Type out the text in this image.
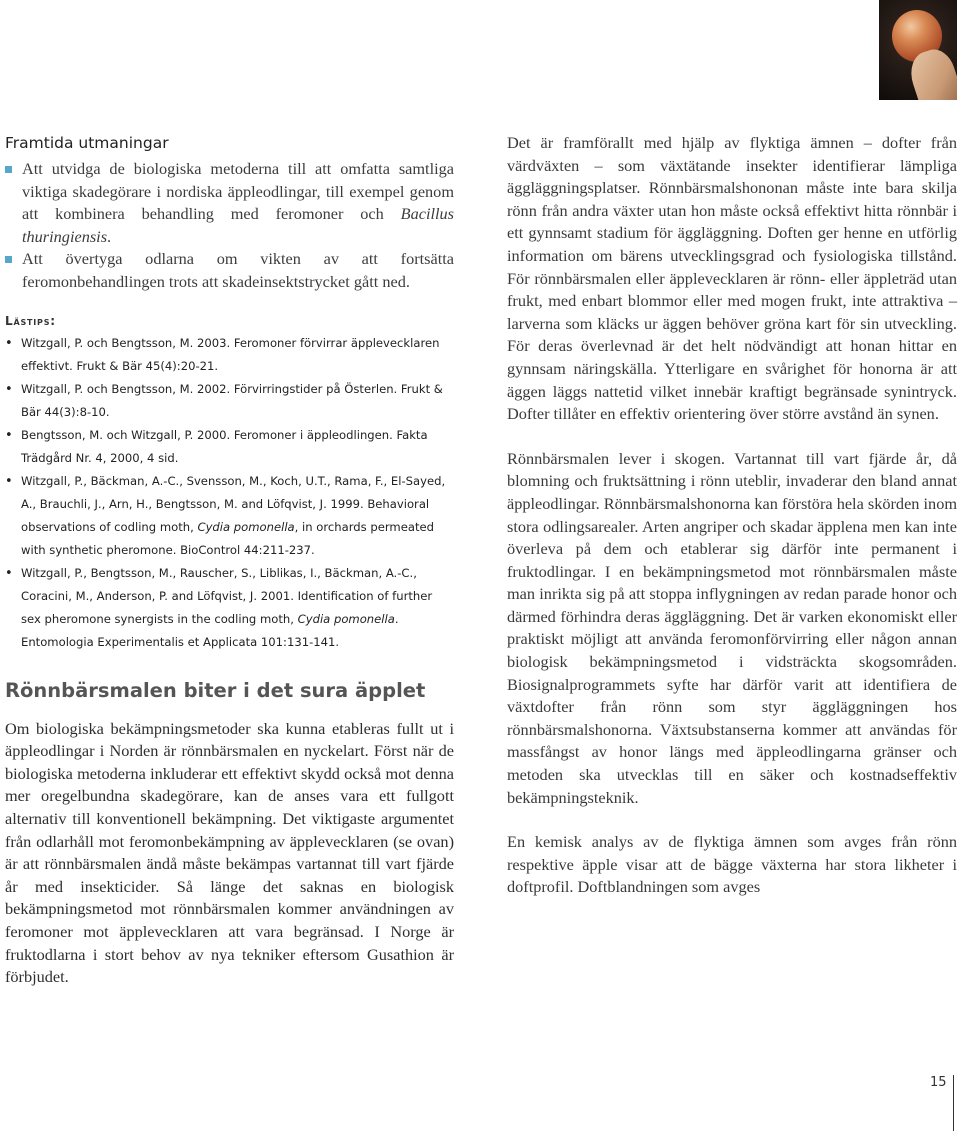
Framtida utmaningar
Att utvidga de biologiska metoderna till att omfatta samtliga viktiga skadegörare i nordiska äppleodlingar, till exempel genom att kombinera behandling med feromoner och Bacillus thuringiensis.
Att övertyga odlarna om vikten av att fortsätta feromonbehandlingen trots att skadeinsektstrycket gått ned.
Lästips:
• Witzgall, P. och Bengtsson, M. 2003. Feromoner förvirrar äpplevecklaren effektivt. Frukt & Bär 45(4):20-21.
• Witzgall, P. och Bengtsson, M. 2002. Förvirringstider på Österlen. Frukt & Bär 44(3):8-10.
• Bengtsson, M. och Witzgall, P. 2000. Feromoner i äppleodlingen. Fakta Trädgård Nr. 4, 2000, 4 sid.
• Witzgall, P., Bäckman, A.-C., Svensson, M., Koch, U.T., Rama, F., El-Sayed, A., Brauchli, J., Arn, H., Bengtsson, M. and Löfqvist, J. 1999. Behavioral observations of codling moth, Cydia pomonella, in orchards permeated with synthetic pheromone. BioControl 44:211-237.
• Witzgall, P., Bengtsson, M., Rauscher, S., Liblikas, I., Bäckman, A.-C., Coracini, M., Anderson, P. and Löfqvist, J. 2001. Identification of further sex pheromone synergists in the codling moth, Cydia pomonella. Entomologia Experimentalis et Applicata 101:131-141.
Rönnbärsmalen biter i det sura äpplet

Om biologiska bekämpningsmetoder ska kunna etableras fullt ut i äppleodlingar i Norden är rönnbärsmalen en nyckelart. Först när de biologiska metoderna inkluderar ett effektivt skydd också mot denna mer oregelbundna skadegörare, kan de anses vara ett fullgott alternativ till konventionell bekämpning. Det viktigaste argumentet från odlarhåll mot feromonbekämpning av äpplevecklaren (se ovan) är att rönnbärsmalen ändå måste bekämpas vartannat till vart fjärde år med insekticider. Så länge det saknas en biologisk bekämpningsmetod mot rönnbärsmalen kommer användningen av feromoner mot äpplevecklaren att vara begränsad. I Norge är fruktodlarna i stort behov av nya tekniker eftersom Gusathion är förbjudet.

Det är framförallt med hjälp av flyktiga ämnen – dofter från värdväxten – som växtätande insekter identifierar lämpliga äggläggningsplatser. Rönnbärsmalshononan måste inte bara skilja rönn från andra växter utan hon måste också effektivt hitta rönnbär i ett gynnsamt stadium för äggläggning. Doften ger henne en utförlig information om bärens utvecklingsgrad och fysiologiska tillstånd. För rönnbärsmalen eller äpplevecklaren är rönn- eller äppleträd utan frukt, med enbart blommor eller med mogen frukt, inte attraktiva – larverna som kläcks ur äggen behöver gröna kart för sin utveckling. För deras överlevnad är det helt nödvändigt att honan hittar en gynnsam näringskälla. Ytterligare en svårighet för honorna är att äggen läggs nattetid vilket innebär kraftigt begränsade synintryck. Dofter tillåter en effektiv orientering över större avstånd än synen.

Rönnbärsmalen lever i skogen. Vartannat till vart fjärde år, då blomning och fruktsättning i rönn uteblir, invaderar den bland annat äppleodlingar. Rönnbärsmalshonorna kan förstöra hela skörden inom stora odlingsarealer. Arten angriper och skadar äpplena men kan inte överleva på dem och etablerar sig därför inte permanent i fruktodlingar. I en bekämpningsmetod mot rönnbärsmalen måste man inrikta sig på att stoppa inflygningen av redan parade honor och därmed förhindra deras äggläggning. Det är varken ekonomiskt eller praktiskt möjligt att använda feromonförvirring eller någon annan biologisk bekämpningsmetod i vidsträckta skogsområden. Biosignalprogrammets syfte har därför varit att identifiera de växtdofter från rönn som styr äggläggningen hos rönnbärsmalshonorna. Växtsubstanserna kommer att användas för massfångst av honor längs med äppleodlingarna gränser och metoden ska utvecklas till en säker och kostnadseffektiv bekämpningsteknik.

En kemisk analys av de flyktiga ämnen som avges från rönn respektive äpple visar att de bägge växterna har stora likheter i doftprofil. Doftblandningen som avges

15
